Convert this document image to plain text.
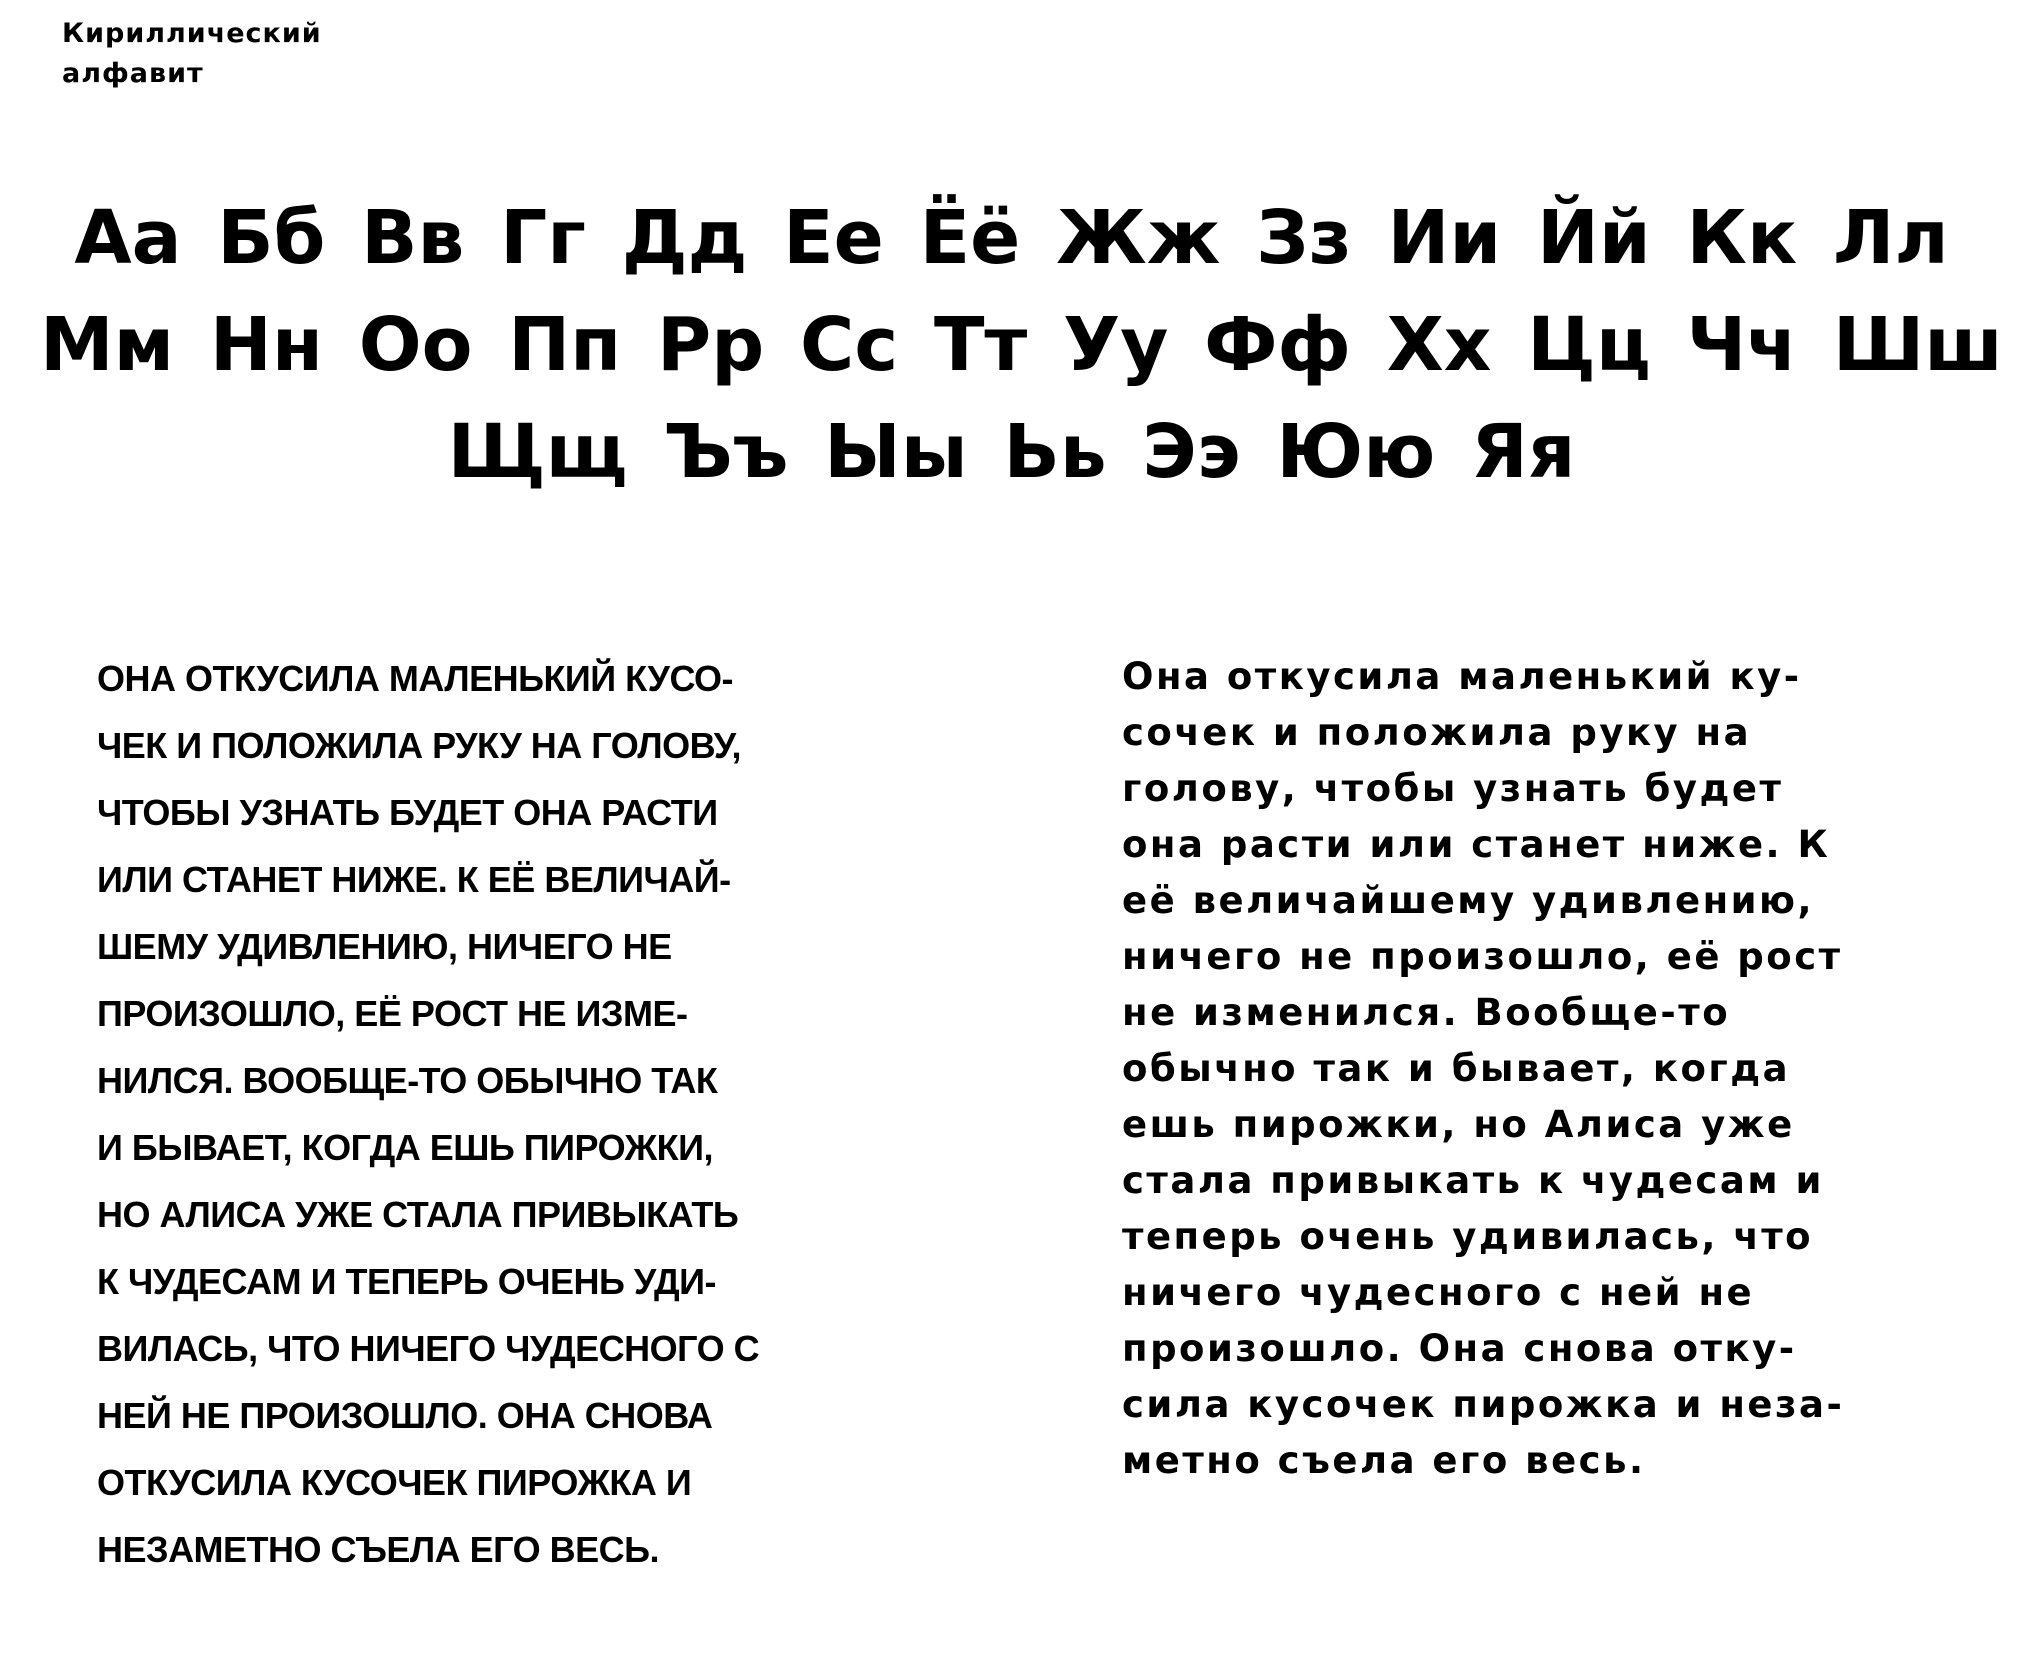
Кириллический
алфавит
Аа Бб Вв Гг Дд Ее Ёё Жж Зз Ии Йй Кк Лл
Мм Нн Оо Пп Рр Сс Тт Уу Фф Хх Цц Чч Шш
Щщ Ъъ Ыы Ьь Ээ Юю Яя
ОНА ОТКУСИЛА МАЛЕНЬКИЙ КУСО-
ЧЕК И ПОЛОЖИЛА РУКУ НА ГОЛОВУ,
ЧТОБЫ УЗНАТЬ БУДЕТ ОНА РАСТИ
ИЛИ СТАНЕТ НИЖЕ. К ЕЁ ВЕЛИЧАЙ-
ШЕМУ УДИВЛЕНИЮ, НИЧЕГО НЕ
ПРОИЗОШЛО, ЕЁ РОСТ НЕ ИЗМЕ-
НИЛСЯ. ВООБЩЕ-ТО ОБЫЧНО ТАК
И БЫВАЕТ, КОГДА ЕШЬ ПИРОЖКИ,
НО АЛИСА УЖЕ СТАЛА ПРИВЫКАТЬ
К ЧУДЕСАМ И ТЕПЕРЬ ОЧЕНЬ УДИ-
ВИЛАСЬ, ЧТО НИЧЕГО ЧУДЕСНОГО С
НЕЙ НЕ ПРОИЗОШЛО. ОНА СНОВА
ОТКУСИЛА КУСОЧЕК ПИРОЖКА И
НЕЗАМЕТНО СЪЕЛА ЕГО ВЕСЬ.
Она откусила маленький ку-
сочек и положила руку на
голову, чтобы узнать будет
она расти или станет ниже. К
её величайшему удивлению,
ничего не произошло, её рост
не изменился. Вообще-то
обычно так и бывает, когда
ешь пирожки, но Алиса уже
стала привыкать к чудесам и
теперь очень удивилась, что
ничего чудесного с ней не
произошло. Она снова отку-
сила кусочек пирожка и неза-
метно съела его весь.
